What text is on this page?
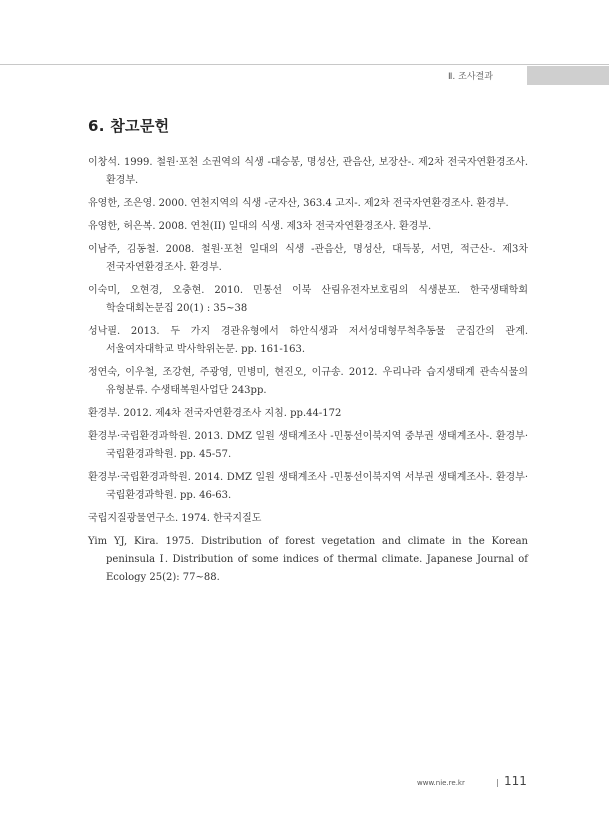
Ⅱ. 조사결과
6. 참고문헌
이창석. 1999. 철원·포천 소권역의 식생 -대승봉, 명성산, 관음산, 보장산-. 제2차 전국자연환경조사. 환경부.
유영한, 조은영. 2000. 연천지역의 식생 -군자산, 363.4 고지-. 제2차 전국자연환경조사. 환경부.
유영한, 허은복. 2008. 연천(II) 일대의 식생. 제3차 전국자연환경조사. 환경부.
이남주, 김동철. 2008. 철원·포천 일대의 식생 -관음산, 명성산, 대득봉, 서면, 적근산-. 제3차 전국자연환경조사. 환경부.
이숙미, 오현경, 오충현. 2010. 민통선 이북 산림유전자보호림의 식생분포. 한국생태학회 학술대회논문집 20(1) : 35~38
성낙필. 2013. 두 가지 경관유형에서 하안식생과 저서성대형무척추동물 군집간의 관계. 서울여자대학교 박사학위논문. pp. 161-163.
정연숙, 이우철, 조강현, 주광영, 민병미, 현진오, 이규송. 2012. 우리나라 습지생태계 관속식물의 유형분류. 수생태복원사업단 243pp.
환경부. 2012. 제4차 전국자연환경조사 지침. pp.44-172
환경부·국립환경과학원. 2013. DMZ 일원 생태계조사 -민통선이북지역 중부권 생태계조사-. 환경부·국립환경과학원. pp. 45-57.
환경부·국립환경과학원. 2014. DMZ 일원 생태계조사 -민통선이북지역 서부권 생태계조사-. 환경부·국립환경과학원. pp. 46-63.
국립지질광물연구소. 1974. 한국지질도
Yim YJ, Kira. 1975. Distribution of forest vegetation and climate in the Korean peninsula Ⅰ. Distribution of some indices of thermal climate. Japanese Journal of Ecology 25(2): 77~88.
www.nie.re.kr	111
